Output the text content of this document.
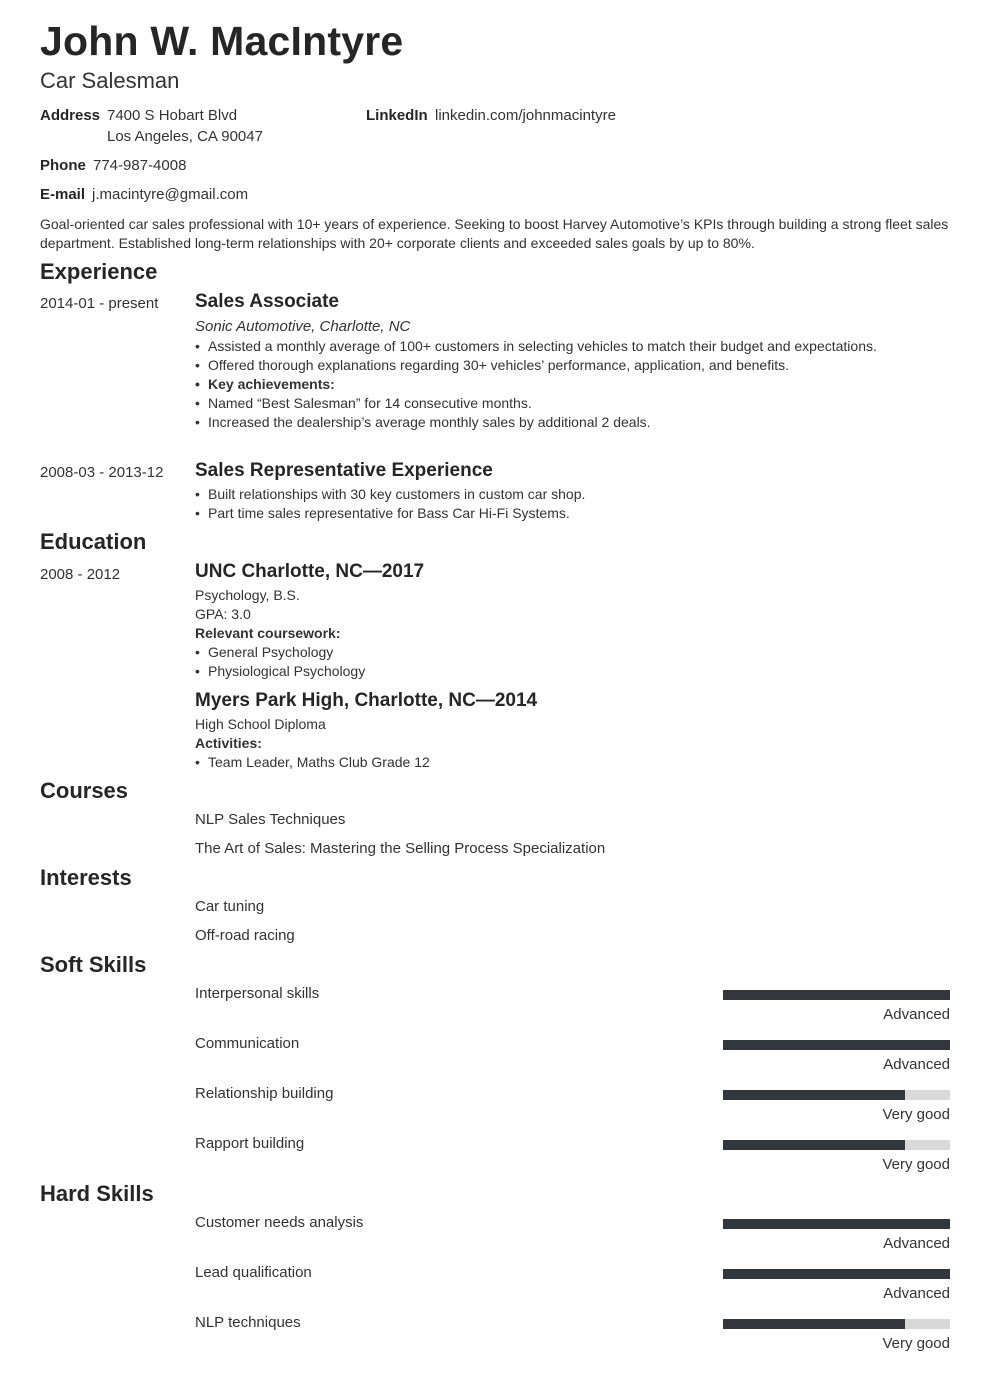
John W. MacIntyre
Car Salesman
Address 7400 S Hobart Blvd
Los Angeles, CA 90047
LinkedIn linkedin.com/johnmacintyre
Phone 774-987-4008
E-mail j.macintyre@gmail.com
Goal-oriented car sales professional with 10+ years of experience. Seeking to boost Harvey Automotive’s KPIs through building a strong fleet sales department. Established long-term relationships with 20+ corporate clients and exceeded sales goals by up to 80%.
Experience
2014-01 - present Sales Associate
Sonic Automotive, Charlotte, NC
• Assisted a monthly average of 100+ customers in selecting vehicles to match their budget and expectations.
• Offered thorough explanations regarding 30+ vehicles’ performance, application, and benefits.
• Key achievements:
• Named “Best Salesman” for 14 consecutive months.
• Increased the dealership’s average monthly sales by additional 2 deals.
2008-03 - 2013-12 Sales Representative Experience
• Built relationships with 30 key customers in custom car shop.
• Part time sales representative for Bass Car Hi-Fi Systems.
Education
2008 - 2012	UNC Charlotte, NC—2017
Psychology, B.S.
GPA: 3.0
Relevant coursework:
• General Psychology
• Physiological Psychology
Myers Park High, Charlotte, NC—2014
High School Diploma
Activities:
• Team Leader, Maths Club Grade 12
Courses
NLP Sales Techniques
The Art of Sales: Mastering the Selling Process Specialization
Interests
Car tuning
Off-road racing
Soft Skills
Interpersonal skills
Advanced
Communication
Advanced
Relationship building
Very good
Rapport building
Very good
Hard Skills
Customer needs analysis
Advanced
Lead qualification
Advanced
NLP techniques
Very good
